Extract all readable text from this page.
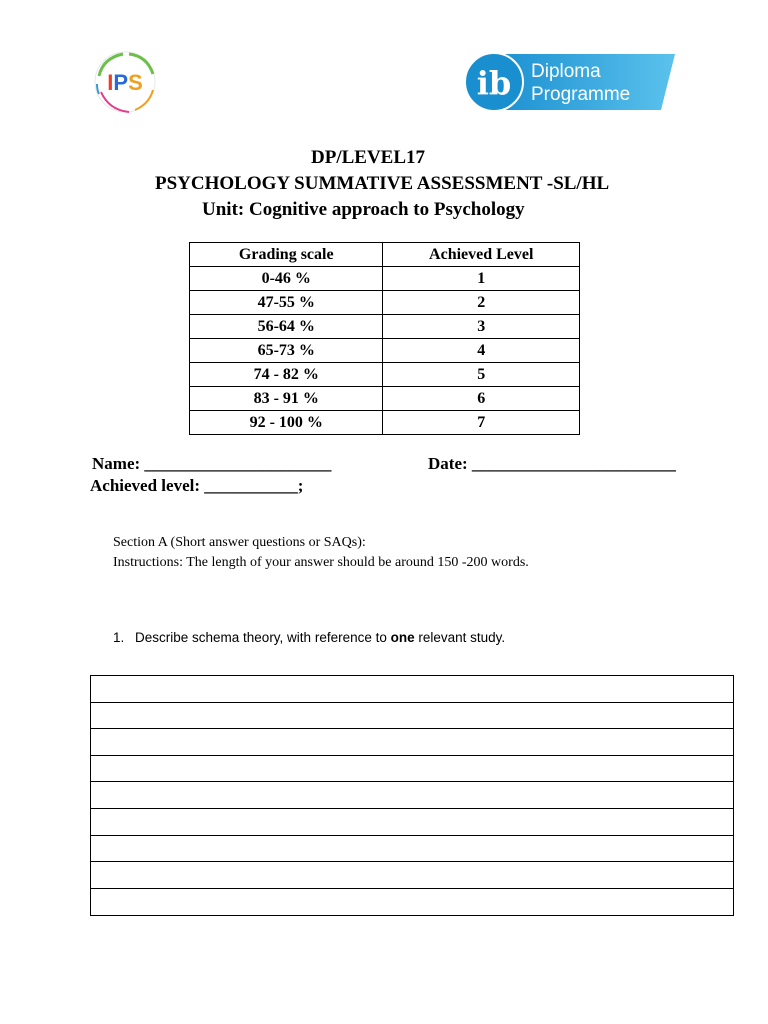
IPS	ib Diploma
Programme
DP/LEVEL17
PSYCHOLOGY SUMMATIVE ASSESSMENT -SL/HL
Unit: Cognitive approach to Psychology
Grading scale	Achieved Level
0-46 %	1
47-55 %	2
56-64 %	3
65-73 %	4
74 - 82 %	5
83 - 91 %	6
92 - 100 %	7
Name: ______________________	Date: ________________________
Achieved level: ___________;
Section A (Short answer questions or SAQs):
Instructions: The length of your answer should be around 150 -200 words.
1. Describe schema theory, with reference to one relevant study.
